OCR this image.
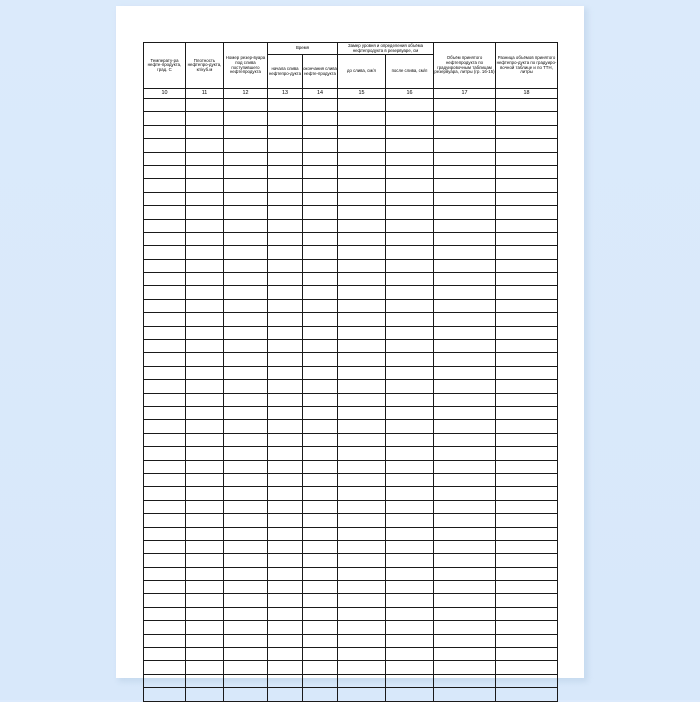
Температу-ра нефте-продукта, град. С	Плотность нефтепро-дукта, кг/куб.м	Номер резер-вуара под слива поступившего нефтепродукта	Время		Замер уровня и определения объёма нефтепродукта в резервуаре, см		Объём принятого нефтепродукта по градуировочным таблицам резервуара, литры (гр. 16-15)	Разница объёмов принятого нефтепро-дукта по градуиро-вочной таблице и по ТТН, литры
			начала слива нефтепро-дукта	окончания слива нефте-продукта	до слива, см/л	после слива, см/л		
10	11	12	13	14	15	16	17	18
